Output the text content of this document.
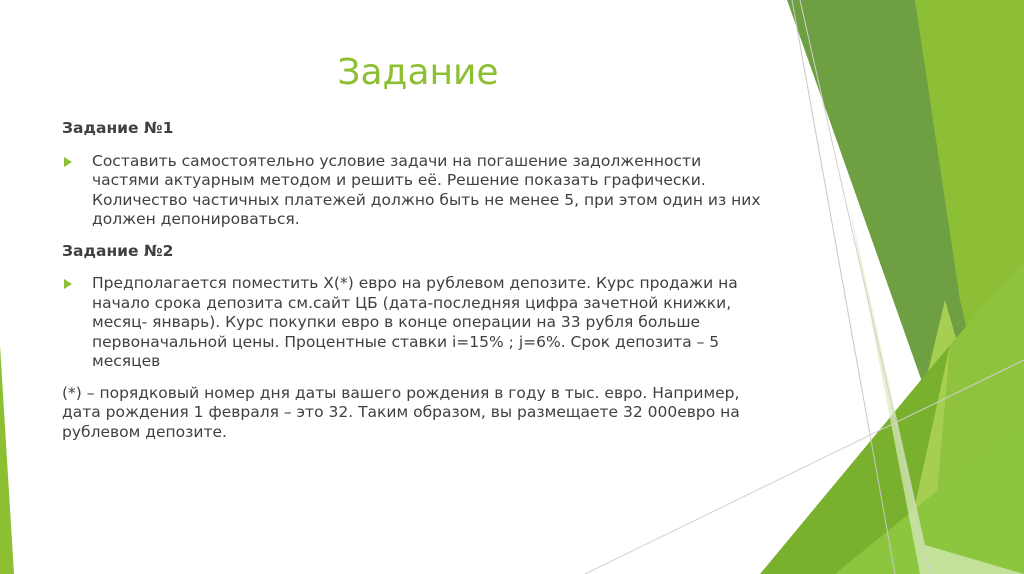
Задание
Задание №1
Составить самостоятельно условие задачи на погашение задолженности частями актуарным методом и решить её. Решение показать графически. Количество частичных платежей должно быть не менее 5, при этом один из них должен депонироваться.
Задание №2
Предполагается поместить Х(*) евро на рублевом депозите. Курс продажи на начало срока депозита см.сайт ЦБ (дата-последняя цифра зачетной книжки, месяц- январь). Курс покупки евро в конце операции на 33 рубля больше первоначальной цены. Процентные ставки i=15% ; j=6%. Срок депозита – 5 месяцев
(*) – порядковый номер дня даты вашего рождения в году в тыс. евро. Например, дата рождения 1 февраля – это 32. Таким образом, вы размещаете 32 000евро на рублевом депозите.
